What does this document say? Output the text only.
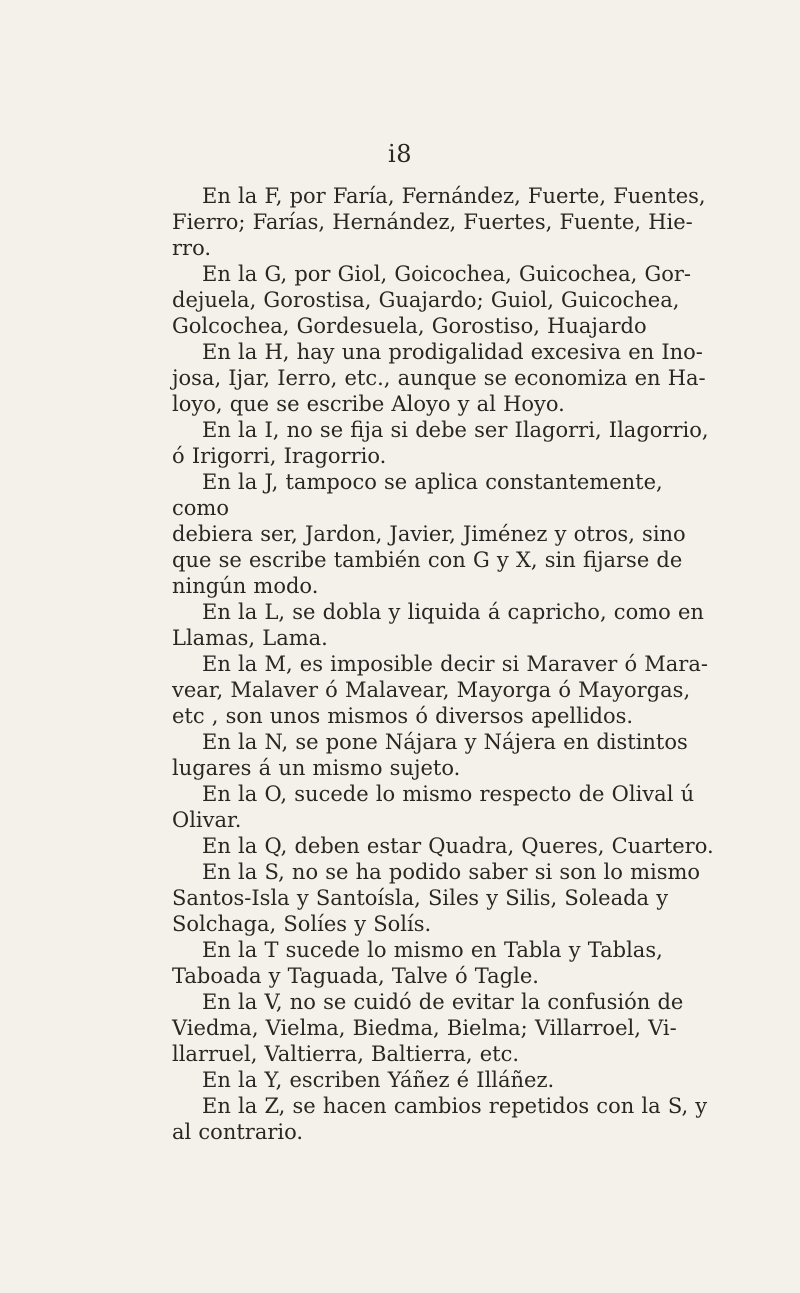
i8

En la F, por Faría, Fernández, Fuerte, Fuentes,
Fierro; Farías, Hernández, Fuertes, Fuente, Hie-
rro.

En la G, por Giol, Goicochea, Guicochea, Gor-
dejuela, Gorostisa, Guajardo; Guiol, Guicochea,
Golcochea, Gordesuela, Gorostiso, Huajardo

En la H, hay una prodigalidad excesiva en Ino-
josa, Ijar, Ierro, etc., aunque se economiza en Ha-
loyo, que se escribe Aloyo y al Hoyo.

En la I, no se fija si debe ser Ilagorri, Ilagorrio,
ó Irigorri, Iragorrio.

En la J, tampoco se aplica constantemente, como
debiera ser, Jardon, Javier, Jiménez y otros, sino
que se escribe también con G y X, sin fijarse de
ningún modo.

En la L, se dobla y liquida á capricho, como en
Llamas, Lama.

En la M, es imposible decir si Maraver ó Mara-
vear, Malaver ó Malavear, Mayorga ó Mayorgas,
etc , son unos mismos ó diversos apellidos.

En la N, se pone Nájara y Nájera en distintos
lugares á un mismo sujeto.

En la O, sucede lo mismo respecto de Olival ú
Olivar.

En la Q, deben estar Quadra, Queres, Cuartero.

En la S, no se ha podido saber si son lo mismo
Santos-Isla y Santoísla, Siles y Silis, Soleada y
Solchaga, Solíes y Solís.

En la T sucede lo mismo en Tabla y Tablas,
Taboada y Taguada, Talve ó Tagle.

En la V, no se cuidó de evitar la confusión de
Viedma, Vielma, Biedma, Bielma; Villarroel, Vi-
llarruel, Valtierra, Baltierra, etc.

En la Y, escriben Yáñez é Illáñez.

En la Z, se hacen cambios repetidos con la S, y
al contrario.
